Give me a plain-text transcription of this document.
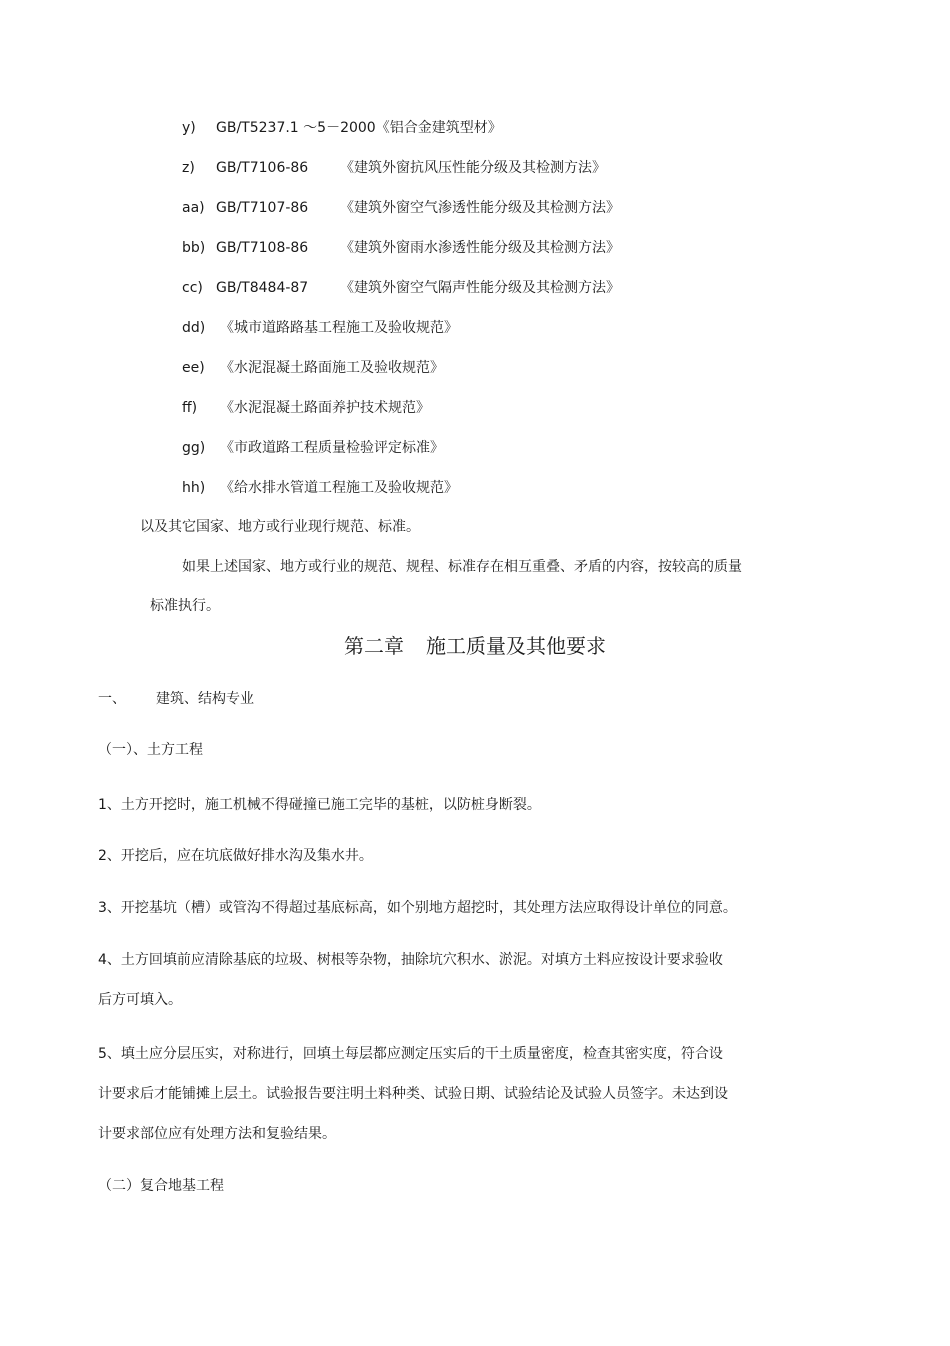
y) GB/T5237.1 ～5－2000《铝合金建筑型材》
z) GB/T7106-86 《建筑外窗抗风压性能分级及其检测方法》
aa) GB/T7107-86 《建筑外窗空气渗透性能分级及其检测方法》
bb) GB/T7108-86 《建筑外窗雨水渗透性能分级及其检测方法》
cc) GB/T8484-87 《建筑外窗空气隔声性能分级及其检测方法》
dd) 《城市道路路基工程施工及验收规范》
ee) 《水泥混凝土路面施工及验收规范》
ff) 《水泥混凝土路面养护技术规范》
gg) 《市政道路工程质量检验评定标准》
hh) 《给水排水管道工程施工及验收规范》
以及其它国家、地方或行业现行规范、标准。
如果上述国家、地方或行业的规范、规程、标准存在相互重叠、矛盾的内容，按较高的质量
标准执行。
第二章 施工质量及其他要求
一、 建筑、结构专业
（一）、土方工程
1、土方开挖时，施工机械不得碰撞已施工完毕的基桩，以防桩身断裂。
2、开挖后，应在坑底做好排水沟及集水井。
3、开挖基坑（槽）或管沟不得超过基底标高，如个别地方超挖时，其处理方法应取得设计单位的同意。
4、土方回填前应清除基底的垃圾、树根等杂物，抽除坑穴积水、淤泥。对填方土料应按设计要求验收
后方可填入。
5、填土应分层压实，对称进行，回填土每层都应测定压实后的干土质量密度，检查其密实度，符合设
计要求后才能铺摊上层土。试验报告要注明土料种类、试验日期、试验结论及试验人员签字。未达到设
计要求部位应有处理方法和复验结果。
（二）复合地基工程
